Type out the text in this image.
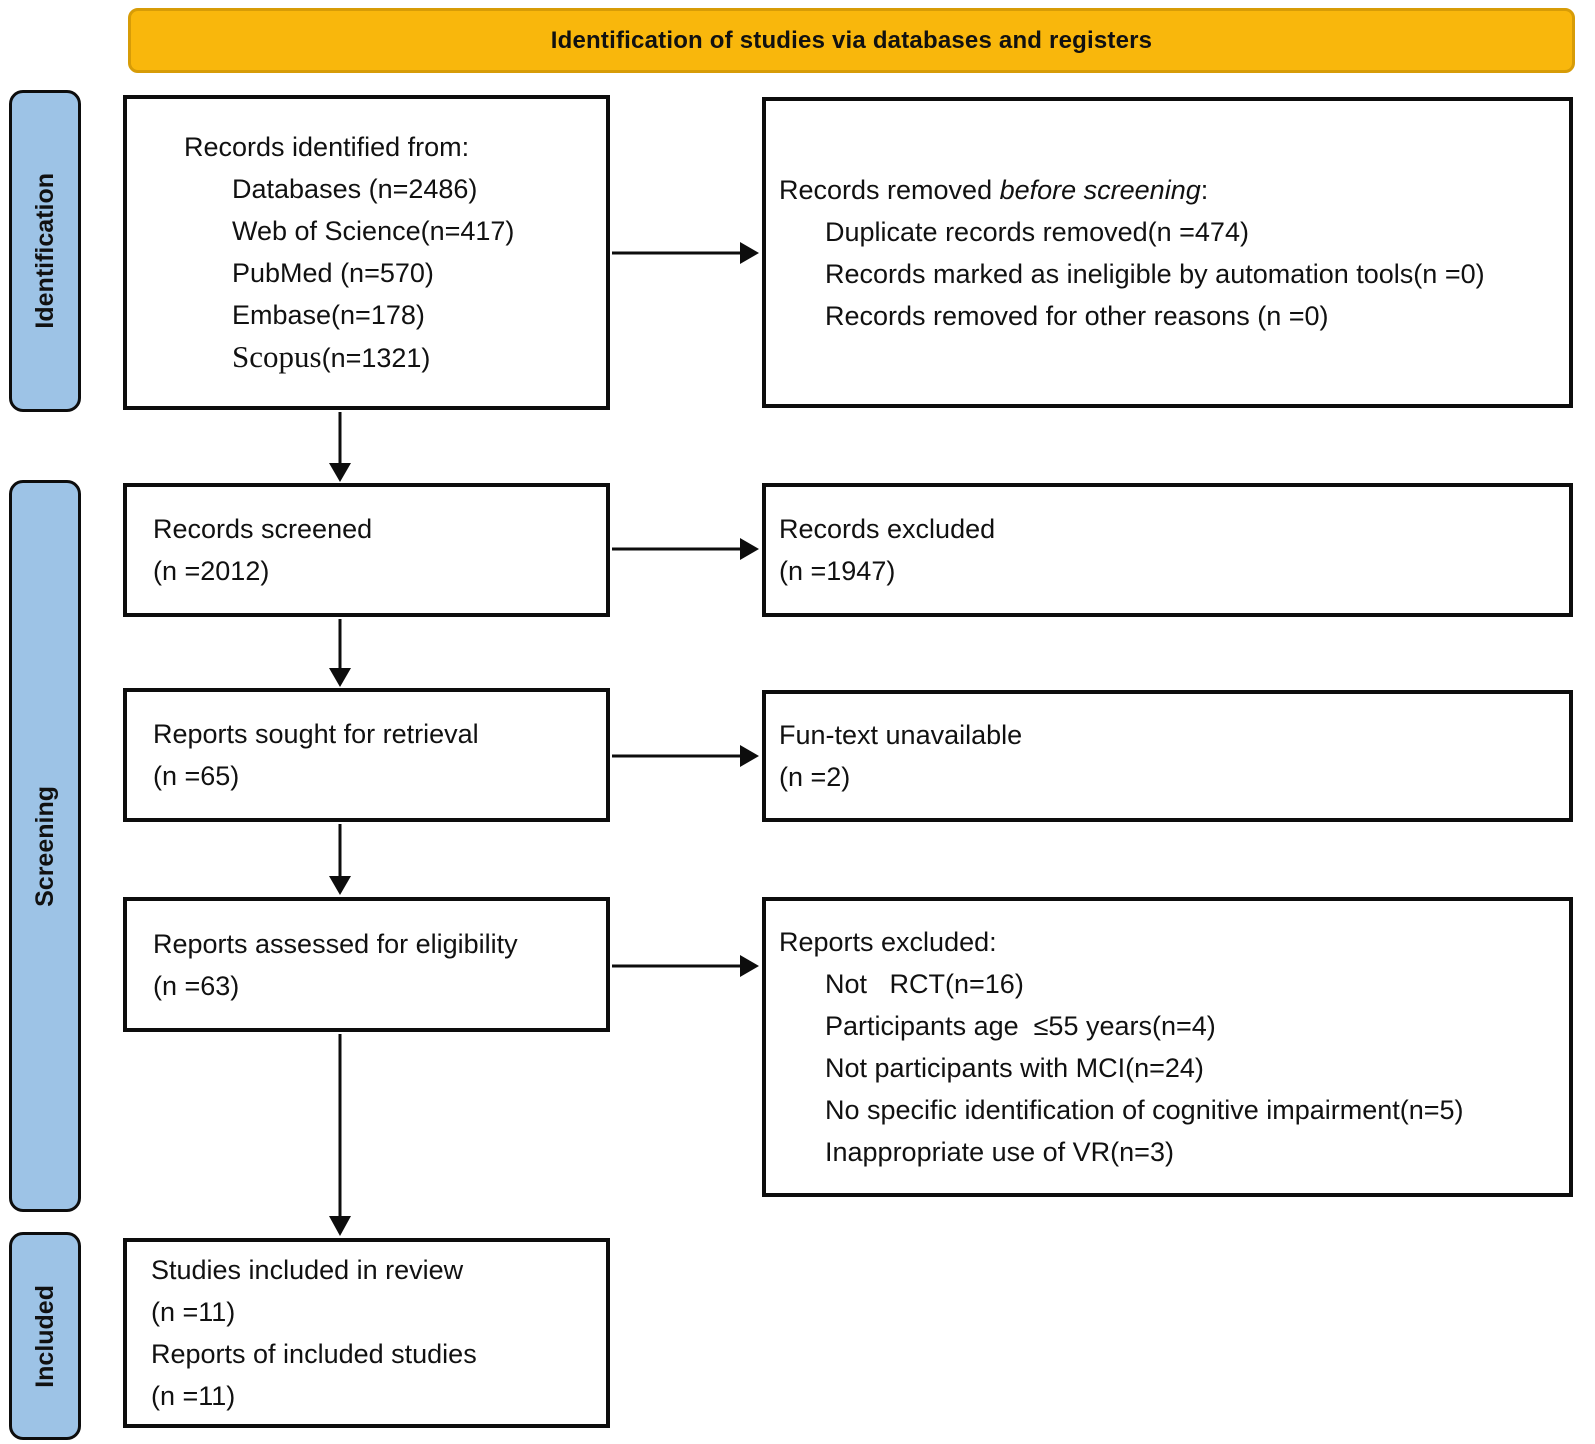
Identification of studies via databases and registers
Identification
Screening
Included
Records identified from:
Databases (n=2486)
Web of Science(n=417)
PubMed (n=570)
Embase(n=178)
Scopus(n=1321)
Records removed before screening:
Duplicate records removed(n =474)
Records marked as ineligible by automation tools(n =0)
Records removed for other reasons (n =0)
Records screened
(n =2012)
Records excluded
(n =1947)
Reports sought for retrieval
(n =65)
Fun-text unavailable
(n =2)
Reports assessed for eligibility
(n =63)
Reports excluded:
Not   RCT(n=16)
Participants age  ≤55 years(n=4)
Not participants with MCI(n=24)
No specific identification of cognitive impairment(n=5)
Inappropriate use of VR(n=3)
Studies included in review
(n =11)
Reports of included studies
(n =11)
